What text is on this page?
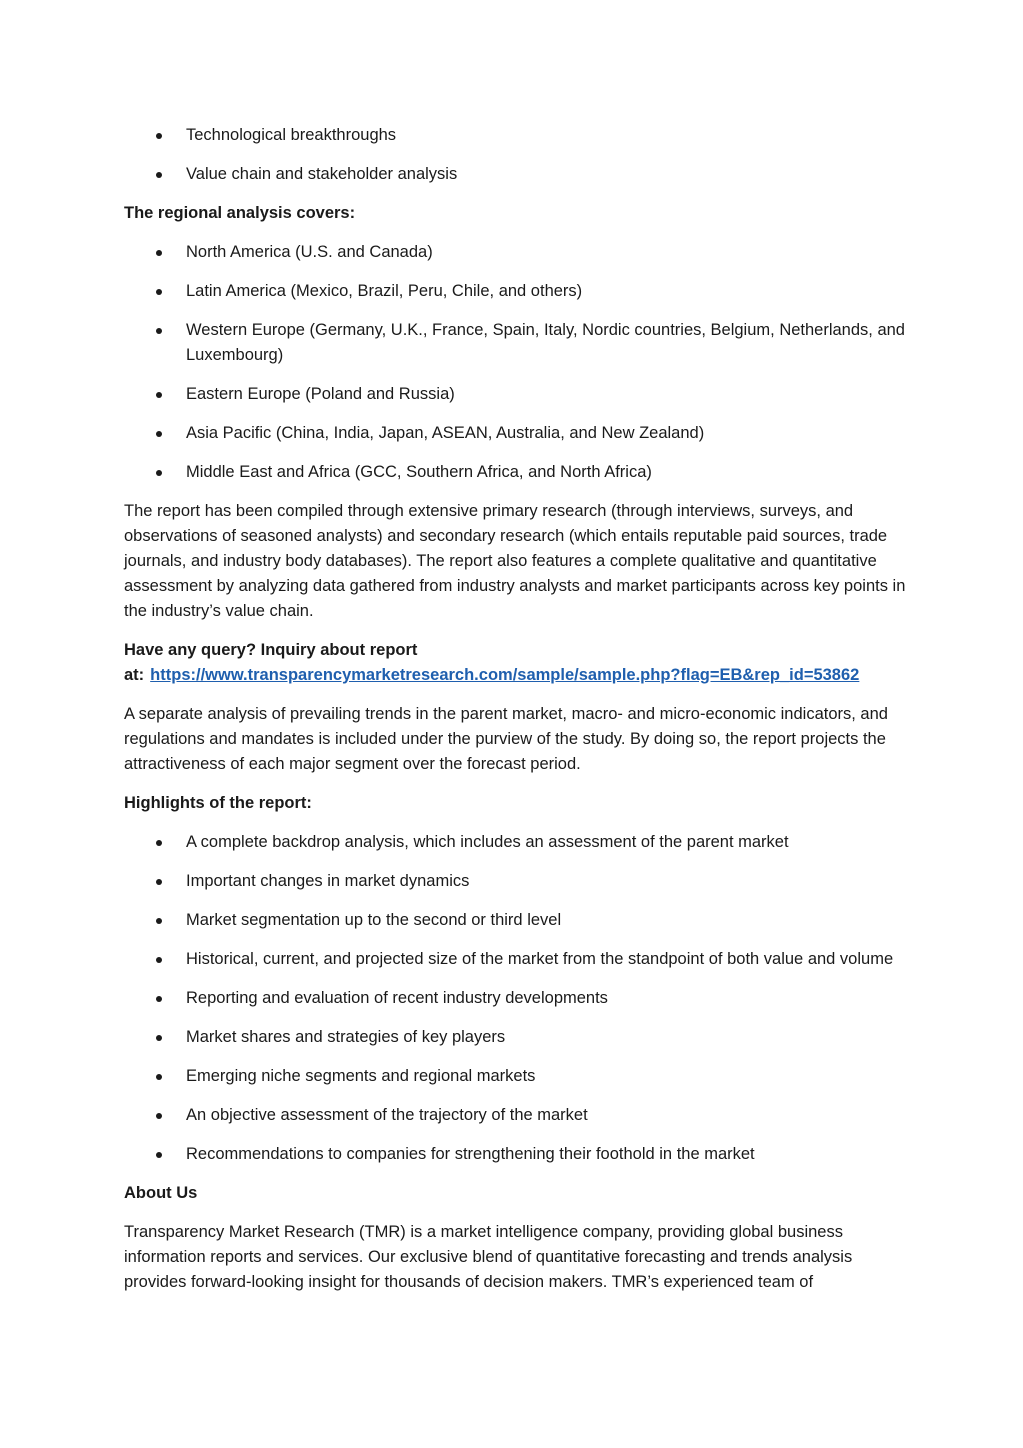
Technological breakthroughs
Value chain and stakeholder analysis

The regional analysis covers:

North America (U.S. and Canada)
Latin America (Mexico, Brazil, Peru, Chile, and others)
Western Europe (Germany, U.K., France, Spain, Italy, Nordic countries, Belgium, Netherlands, and Luxembourg)
Eastern Europe (Poland and Russia)
Asia Pacific (China, India, Japan, ASEAN, Australia, and New Zealand)
Middle East and Africa (GCC, Southern Africa, and North Africa)

The report has been compiled through extensive primary research (through interviews, surveys, and observations of seasoned analysts) and secondary research (which entails reputable paid sources, trade journals, and industry body databases). The report also features a complete qualitative and quantitative assessment by analyzing data gathered from industry analysts and market participants across key points in the industry’s value chain.

Have any query? Inquiry about report
at: https://www.transparencymarketresearch.com/sample/sample.php?flag=EB&rep_id=53862

A separate analysis of prevailing trends in the parent market, macro- and micro-economic indicators, and regulations and mandates is included under the purview of the study. By doing so, the report projects the attractiveness of each major segment over the forecast period.

Highlights of the report:

A complete backdrop analysis, which includes an assessment of the parent market
Important changes in market dynamics
Market segmentation up to the second or third level
Historical, current, and projected size of the market from the standpoint of both value and volume
Reporting and evaluation of recent industry developments
Market shares and strategies of key players
Emerging niche segments and regional markets
An objective assessment of the trajectory of the market
Recommendations to companies for strengthening their foothold in the market

About Us

Transparency Market Research (TMR) is a market intelligence company, providing global business information reports and services. Our exclusive blend of quantitative forecasting and trends analysis provides forward-looking insight for thousands of decision makers. TMR’s experienced team of
